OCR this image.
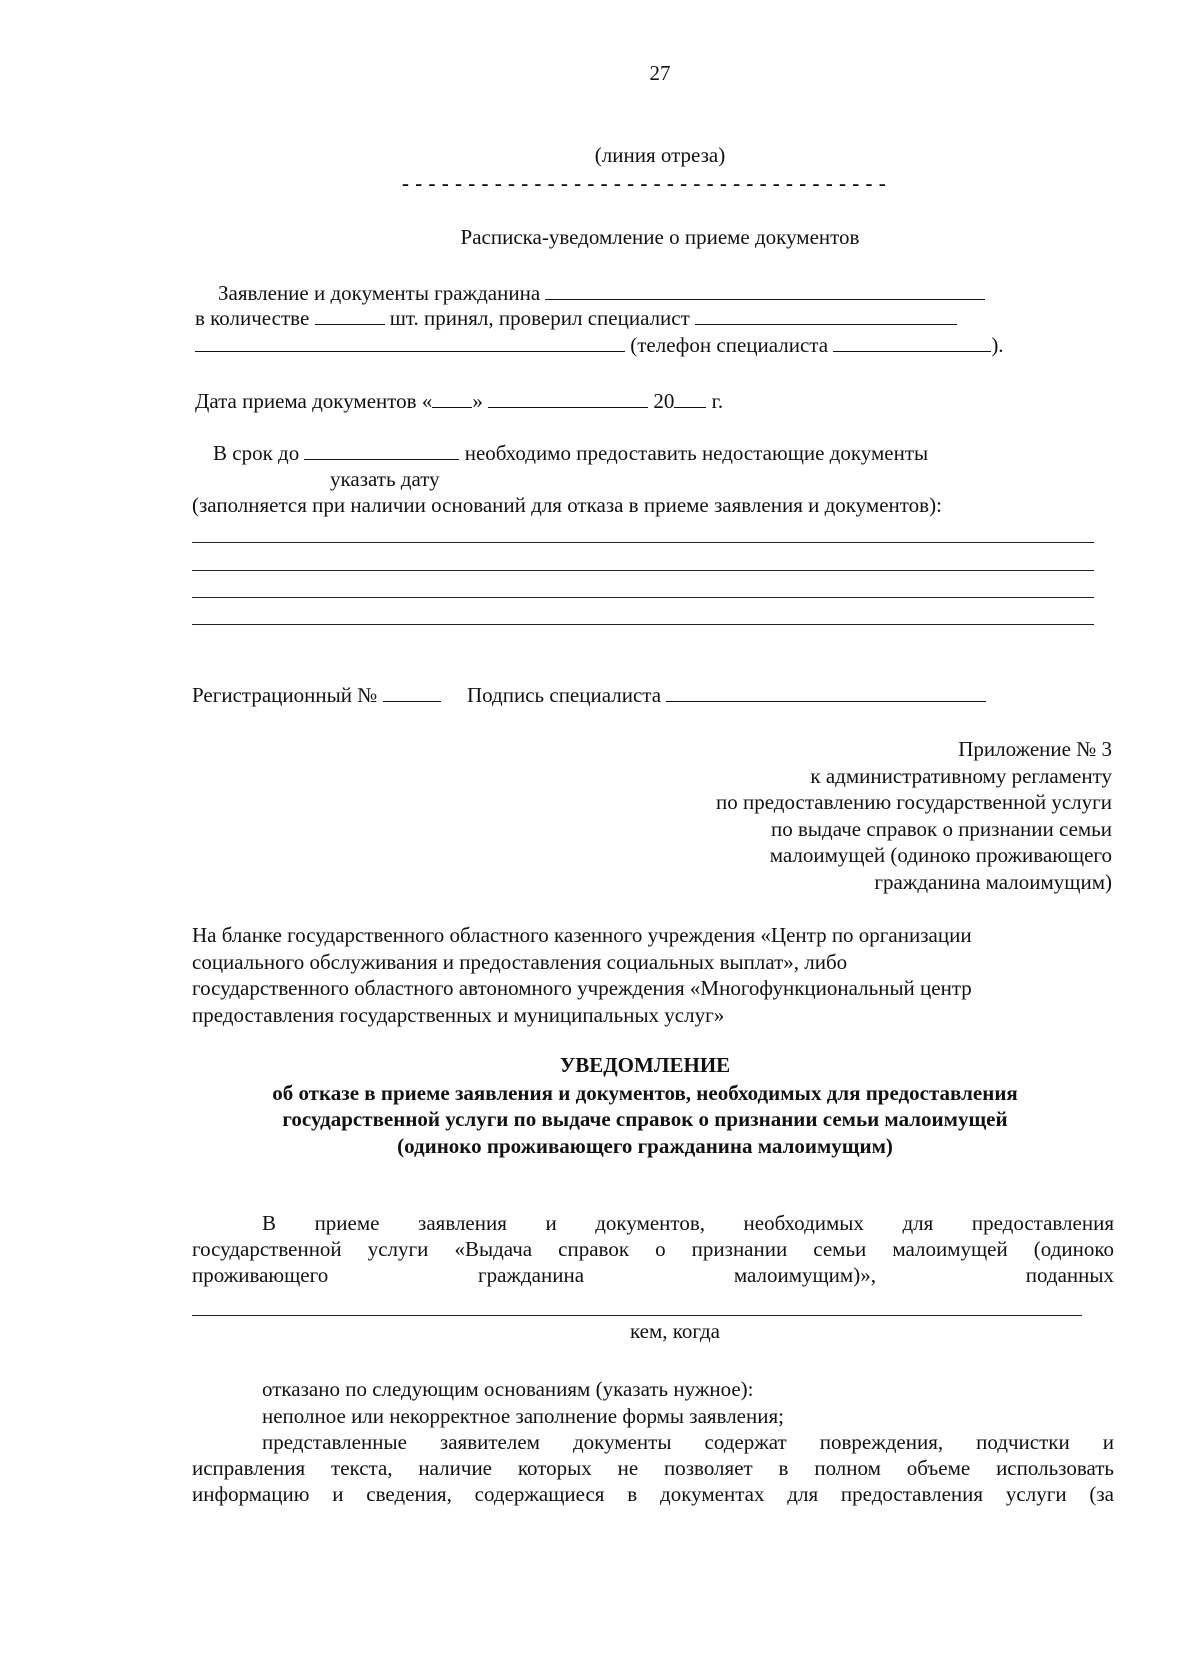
27
(линия отреза)
- - - - - - - - - - - - - - - - - - - - - - - - - - - - - - - - - - - - -
Расписка-уведомление о приеме документов
Заявление и документы гражданина
в количестве	шт. принял, проверил специалист
(телефон специалиста	).
Дата приема документов « »	20 г.
В срок до	необходимо предоставить недостающие документы
указать дату
(заполняется при наличии оснований для отказа в приеме заявления и документов):
Регистрационный №	Подпись специалиста
Приложение № 3
к административному регламенту
по предоставлению государственной услуги
по выдаче справок о признании семьи
малоимущей (одиноко проживающего
гражданина малоимущим)
На бланке государственного областного казенного учреждения «Центр по организации
социального обслуживания и предоставления социальных выплат», либо
государственного областного автономного учреждения «Многофункциональный центр
предоставления государственных и муниципальных услуг»
УВЕДОМЛЕНИЕ
об отказе в приеме заявления и документов, необходимых для предоставления
государственной услуги по выдаче справок о признании семьи малоимущей
(одиноко проживающего гражданина малоимущим)
В приеме заявления и документов, необходимых для предоставления
государственной услуги «Выдача справок о признании семьи малоимущей (одиноко
проживающего гражданина малоимущим)», поданных
кем, когда
отказано по следующим основаниям (указать нужное):
неполное или некорректное заполнение формы заявления;
представленные заявителем документы содержат повреждения, подчистки и
исправления текста, наличие которых не позволяет в полном объеме использовать
информацию и сведения, содержащиеся в документах для предоставления услуги (за
